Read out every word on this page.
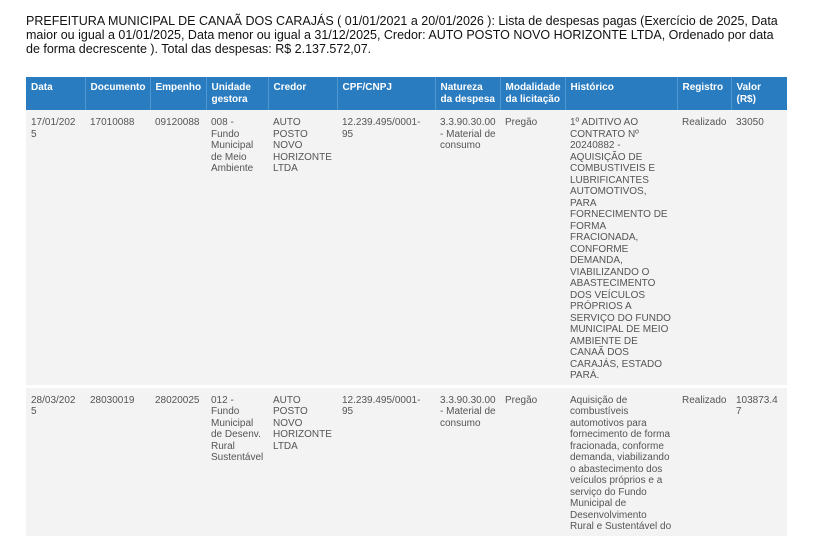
PREFEITURA MUNICIPAL DE CANAÃ DOS CARAJÁS ( 01/01/2021 a 20/01/2026 ): Lista de despesas pagas (Exercício de 2025, Data maior ou igual a 01/01/2025, Data menor ou igual a 31/12/2025, Credor: AUTO POSTO NOVO HORIZONTE LTDA, Ordenado por data de forma decrescente ). Total das despesas: R$ 2.137.572,07.
Data	Documento	Empenho	Unidade gestora	Credor	CPF/CNPJ	Natureza da despesa	Modalidade da licitação	Histórico	Registro	Valor (R$)
17/01/2025	17010088	09120088	008 - Fundo Municipal de Meio Ambiente	AUTO POSTO NOVO HORIZONTE LTDA	12.239.495/0001-95	3.3.90.30.00 - Material de consumo	Pregão	1º ADITIVO AO CONTRATO Nº 20240882 - AQUISIÇÃO DE COMBUSTIVEIS E LUBRIFICANTES AUTOMOTIVOS, PARA FORNECIMENTO DE FORMA FRACIONADA, CONFORME DEMANDA, VIABILIZANDO O ABASTECIMENTO DOS VEÍCULOS PRÓPRIOS A SERVIÇO DO FUNDO MUNICIPAL DE MEIO AMBIENTE DE CANAÃ DOS CARAJÁS, ESTADO PARÁ.	Realizado	33050
28/03/2025	28030019	28020025	012 - Fundo Municipal de Desenv. Rural Sustentável	AUTO POSTO NOVO HORIZONTE LTDA	12.239.495/0001-95	3.3.90.30.00 - Material de consumo	Pregão	Aquisição de combustíveis automotivos para fornecimento de forma fracionada, conforme demanda, viabilizando o abastecimento dos veículos próprios e a serviço do Fundo Municipal de Desenvolvimento Rural e Sustentável do	Realizado	103873.47
